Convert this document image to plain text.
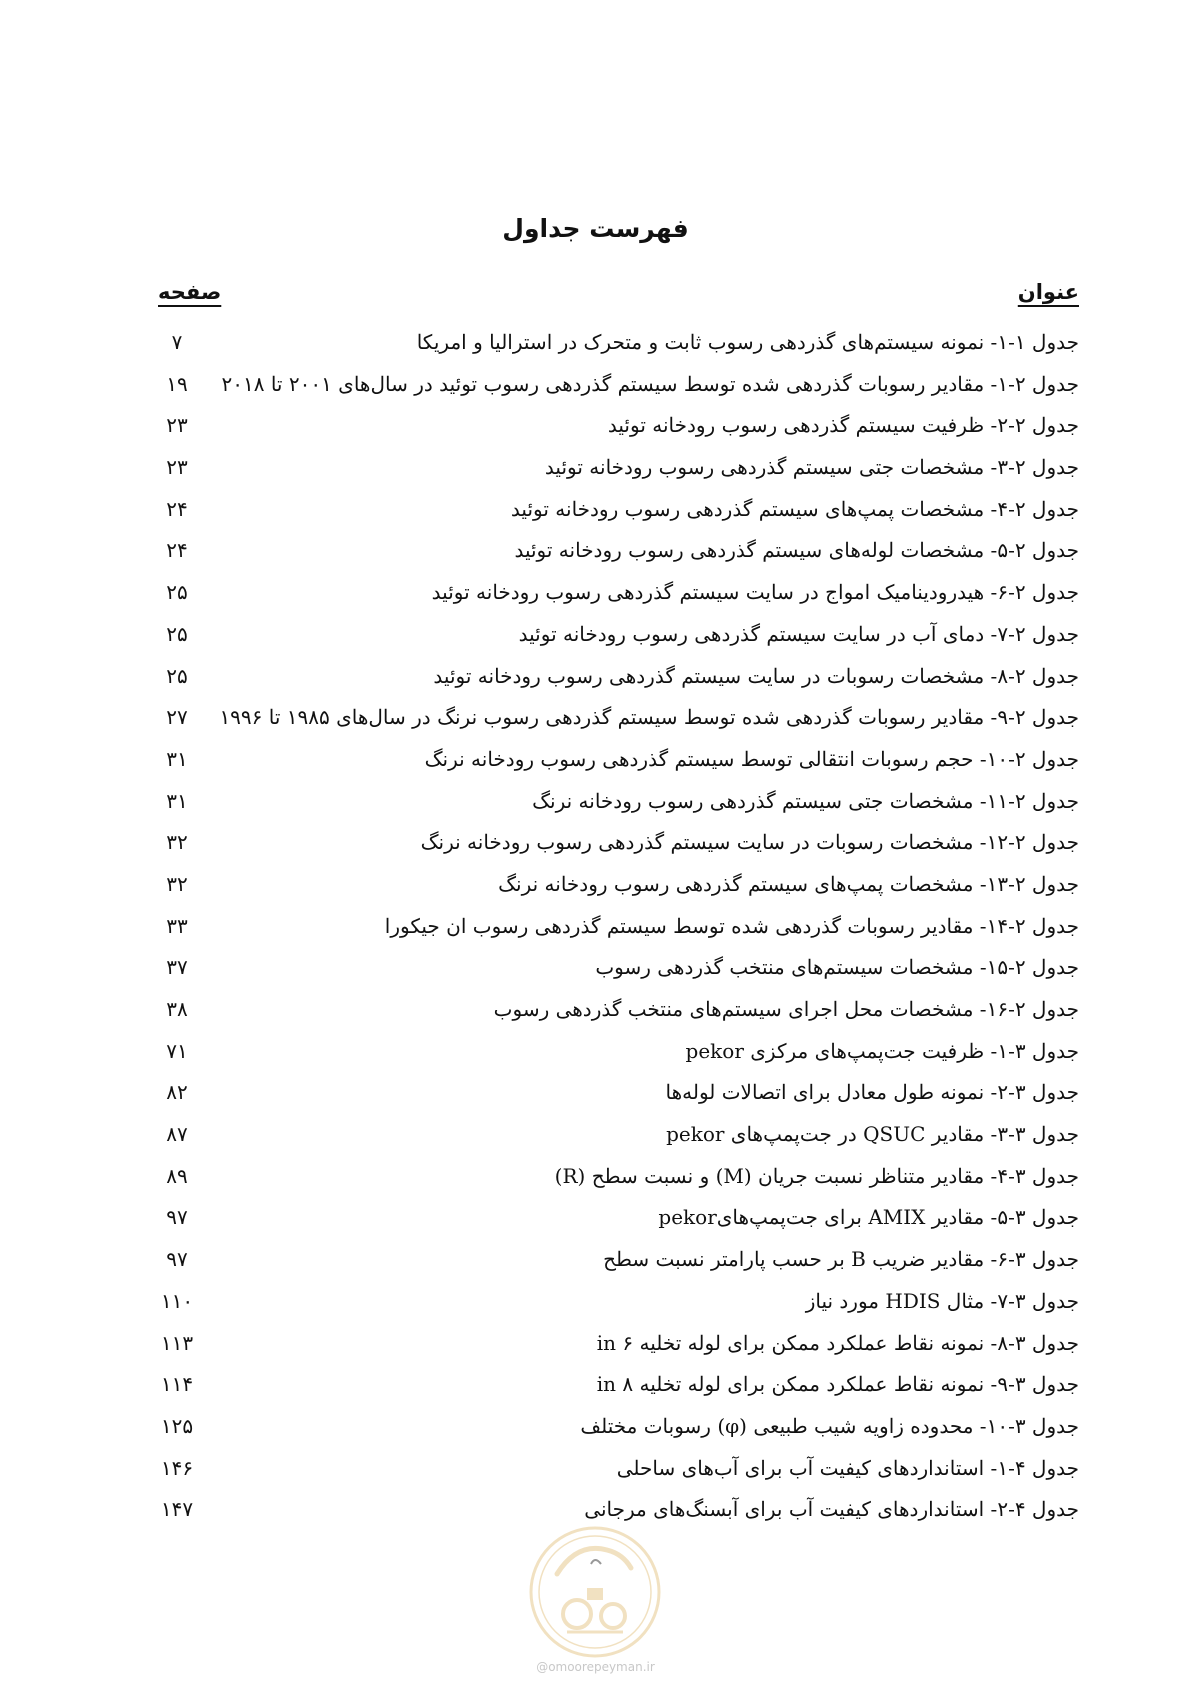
فهرست جداول
عنوان
صفحه
جدول ۱-۱- نمونه سیستم‌های گذردهی رسوب ثابت و متحرک در استرالیا و امریکا
۷
جدول ۲-۱- مقادیر رسوبات گذردهی شده توسط سیستم گذردهی رسوب توئید در سال‌های ۲۰۰۱ تا ۲۰۱۸
۱۹
جدول ۲-۲- ظرفیت سیستم گذردهی رسوب رودخانه توئید
۲۳
جدول ۲-۳- مشخصات جتی سیستم گذردهی رسوب رودخانه توئید
۲۳
جدول ۲-۴- مشخصات پمپ‌های سیستم گذردهی رسوب رودخانه توئید
۲۴
جدول ۲-۵- مشخصات لوله‌های سیستم گذردهی رسوب رودخانه توئید
۲۴
جدول ۲-۶- هیدرودینامیک امواج در سایت سیستم گذردهی رسوب رودخانه توئید
۲۵
جدول ۲-۷- دمای آب در سایت سیستم گذردهی رسوب رودخانه توئید
۲۵
جدول ۲-۸- مشخصات رسوبات در سایت سیستم گذردهی رسوب رودخانه توئید
۲۵
جدول ۲-۹- مقادیر رسوبات گذردهی شده توسط سیستم گذردهی رسوب نرنگ در سال‌های ۱۹۸۵ تا ۱۹۹۶
۲۷
جدول ۲-۱۰- حجم رسوبات انتقالی توسط سیستم گذردهی رسوب رودخانه نرنگ
۳۱
جدول ۲-۱۱- مشخصات جتی سیستم گذردهی رسوب رودخانه نرنگ
۳۱
جدول ۲-۱۲- مشخصات رسوبات در سایت سیستم گذردهی رسوب رودخانه نرنگ
۳۲
جدول ۲-۱۳- مشخصات پمپ‌های سیستم گذردهی رسوب رودخانه نرنگ
۳۲
جدول ۲-۱۴- مقادیر رسوبات گذردهی شده توسط سیستم گذردهی رسوب ان جیکورا
۳۳
جدول ۲-۱۵- مشخصات سیستم‌های منتخب گذردهی رسوب
۳۷
جدول ۲-۱۶- مشخصات محل اجرای سیستم‌های منتخب گذردهی رسوب
۳۸
جدول ۳-۱- ظرفیت جت‌پمپ‌های مرکزی pekor
۷۱
جدول ۳-۲- نمونه طول معادل برای اتصالات لوله‌ها
۸۲
جدول ۳-۳- مقادیر QSUC در جت‌پمپ‌های pekor
۸۷
جدول ۳-۴- مقادیر متناظر نسبت جریان (M) و نسبت سطح (R)
۸۹
جدول ۳-۵- مقادیر AMIX برای جت‌پمپ‌هایpekor
۹۷
جدول ۳-۶- مقادیر ضریب B بر حسب پارامتر نسبت سطح
۹۷
جدول ۳-۷- مثال HDIS مورد نیاز
۱۱۰
جدول ۳-۸- نمونه نقاط عملکرد ممکن برای لوله تخلیه ۶ in
۱۱۳
جدول ۳-۹- نمونه نقاط عملکرد ممکن برای لوله تخلیه ۸ in
۱۱۴
جدول ۳-۱۰- محدوده زاویه شیب طبیعی (φ) رسوبات مختلف
۱۲۵
جدول ۴-۱- استانداردهای کیفیت آب برای آب‌های ساحلی
۱۴۶
جدول ۴-۲- استانداردهای کیفیت آب برای آبسنگ‌های مرجانی
۱۴۷
@omoorepeyman.ir
